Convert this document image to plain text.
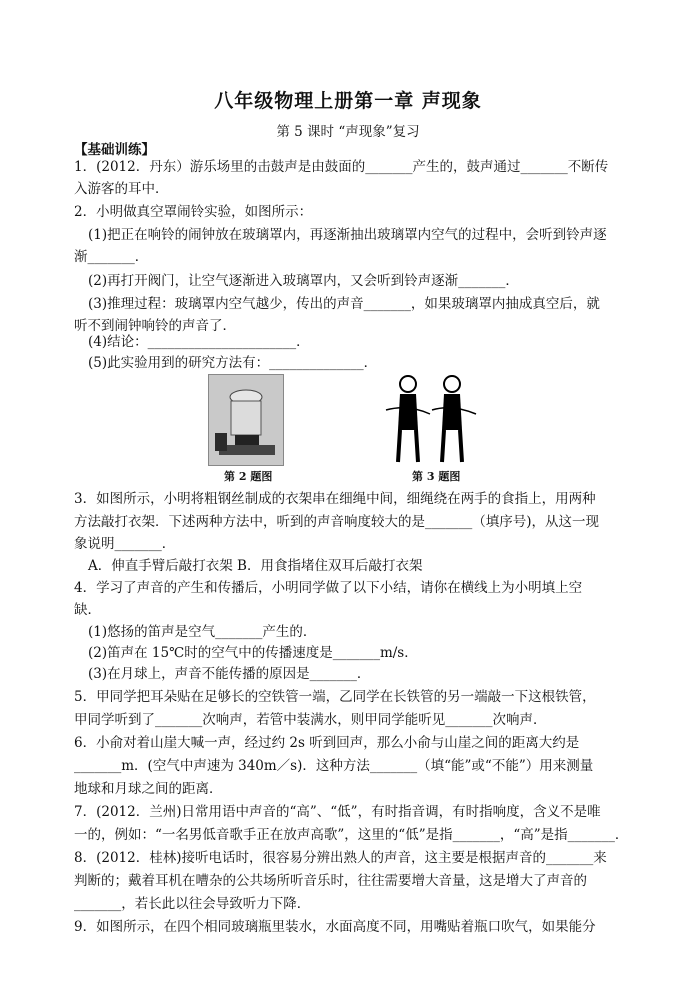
八年级物理上册第一章 声现象
第 5 课时 “声现象”复习
【基础训练】
1．(2012．丹东）游乐场里的击鼓声是由鼓面的_______产生的，鼓声通过_______不断传
入游客的耳中．
2．小明做真空罩闹铃实验，如图所示：
(1)把正在响铃的闹钟放在玻璃罩内，再逐渐抽出玻璃罩内空气的过程中，会听到铃声逐
渐_______．
(2)再打开阀门，让空气逐渐进入玻璃罩内，又会听到铃声逐渐_______．
(3)推理过程：玻璃罩内空气越少，传出的声音_______，如果玻璃罩内抽成真空后，就
听不到闹钟响铃的声音了．
(4)结论：______________________．
(5)此实验用到的研究方法有：______________．
第 2 题图	第 3 题图
3．如图所示，小明将粗钢丝制成的衣架串在细绳中间，细绳绕在两手的食指上，用两种
方法敲打衣架．下述两种方法中，听到的声音响度较大的是_______（填序号)，从这一现
象说明_______．
A．伸直手臂后敲打衣架 B．用食指堵住双耳后敲打衣架
4．学习了声音的产生和传播后，小明同学做了以下小结，请你在横线上为小明填上空
缺．
(1)悠扬的笛声是空气_______产生的．
(2)笛声在 15℃时的空气中的传播速度是_______m/s．
(3)在月球上，声音不能传播的原因是_______．
5．甲同学把耳朵贴在足够长的空铁管一端，乙同学在长铁管的另一端敲一下这根铁管，
甲同学听到了_______次响声，若管中装满水，则甲同学能听见_______次响声．
6．小俞对着山崖大喊一声，经过约 2s 听到回声，那么小俞与山崖之间的距离大约是
_______m．(空气中声速为 340m／s)．这种方法_______（填“能”或“不能”）用来测量
地球和月球之间的距离．
7．(2012．兰州)日常用语中声音的“高”、“低”，有时指音调，有时指响度，含义不是唯
一的，例如：“一名男低音歌手正在放声高歌”，这里的“低”是指_______，“高”是指_______．
8．(2012．桂林)接听电话时，很容易分辨出熟人的声音，这主要是根据声音的_______来
判断的；戴着耳机在嘈杂的公共场所听音乐时，往往需要增大音量，这是增大了声音的
_______，若长此以往会导致听力下降．
9．如图所示，在四个相同玻璃瓶里装水，水面高度不同，用嘴贴着瓶口吹气，如果能分
